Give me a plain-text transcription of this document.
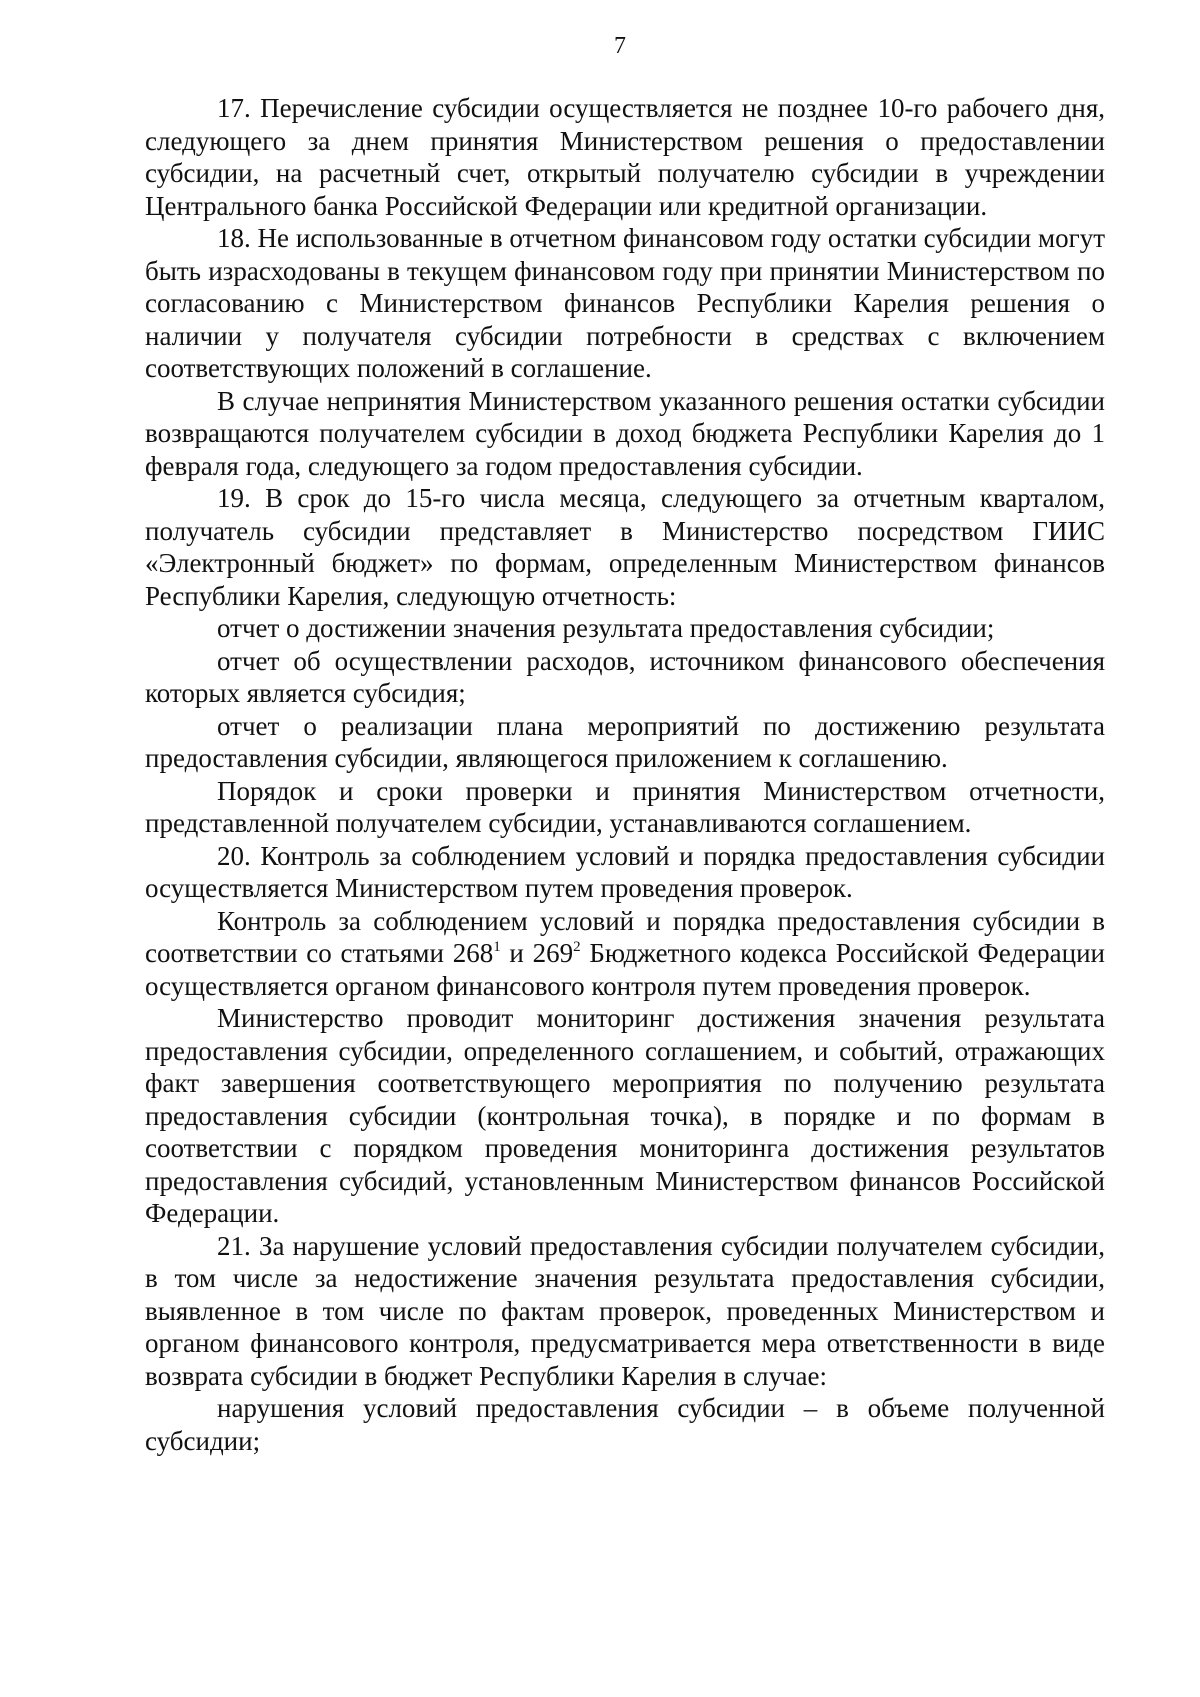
7

17. Перечисление субсидии осуществляется не позднее 10-го рабочего дня, следующего за днем принятия Министерством решения о предоставлении субсидии, на расчетный счет, открытый получателю субсидии в учреждении Центрального банка Российской Федерации или кредитной организации.

18. Не использованные в отчетном финансовом году остатки субсидии могут быть израсходованы в текущем финансовом году при принятии Министерством по согласованию с Министерством финансов Республики Карелия решения о наличии у получателя субсидии потребности в средствах с включением соответствующих положений в соглашение.

В случае непринятия Министерством указанного решения остатки субсидии возвращаются получателем субсидии в доход бюджета Республики Карелия до 1 февраля года, следующего за годом предоставления субсидии.

19. В срок до 15-го числа месяца, следующего за отчетным кварталом, получатель субсидии представляет в Министерство посредством ГИИС «Электронный бюджет» по формам, определенным Министерством финансов Республики Карелия, следующую отчетность:

отчет о достижении значения результата предоставления субсидии;

отчет об осуществлении расходов, источником финансового обеспечения которых является субсидия;

отчет о реализации плана мероприятий по достижению результата предоставления субсидии, являющегося приложением к соглашению.

Порядок и сроки проверки и принятия Министерством отчетности, представленной получателем субсидии, устанавливаются соглашением.

20. Контроль за соблюдением условий и порядка предоставления субсидии осуществляется Министерством путем проведения проверок.

Контроль за соблюдением условий и порядка предоставления субсидии в соответствии со статьями $268^1$ и $269^2$ Бюджетного кодекса Российской Федерации осуществляется органом финансового контроля путем проведения проверок.

Министерство проводит мониторинг достижения значения результата предоставления субсидии, определенного соглашением, и событий, отражающих факт завершения соответствующего мероприятия по получению результата предоставления субсидии (контрольная точка), в порядке и по формам в соответствии с порядком проведения мониторинга достижения результатов предоставления субсидий, установленным Министерством финансов Российской Федерации.

21. За нарушение условий предоставления субсидии получателем субсидии, в том числе за недостижение значения результата предоставления субсидии, выявленное в том числе по фактам проверок, проведенных Министерством и органом финансового контроля, предусматривается мера ответственности в виде возврата субсидии в бюджет Республики Карелия в случае:

нарушения условий предоставления субсидии – в объеме полученной субсидии;
